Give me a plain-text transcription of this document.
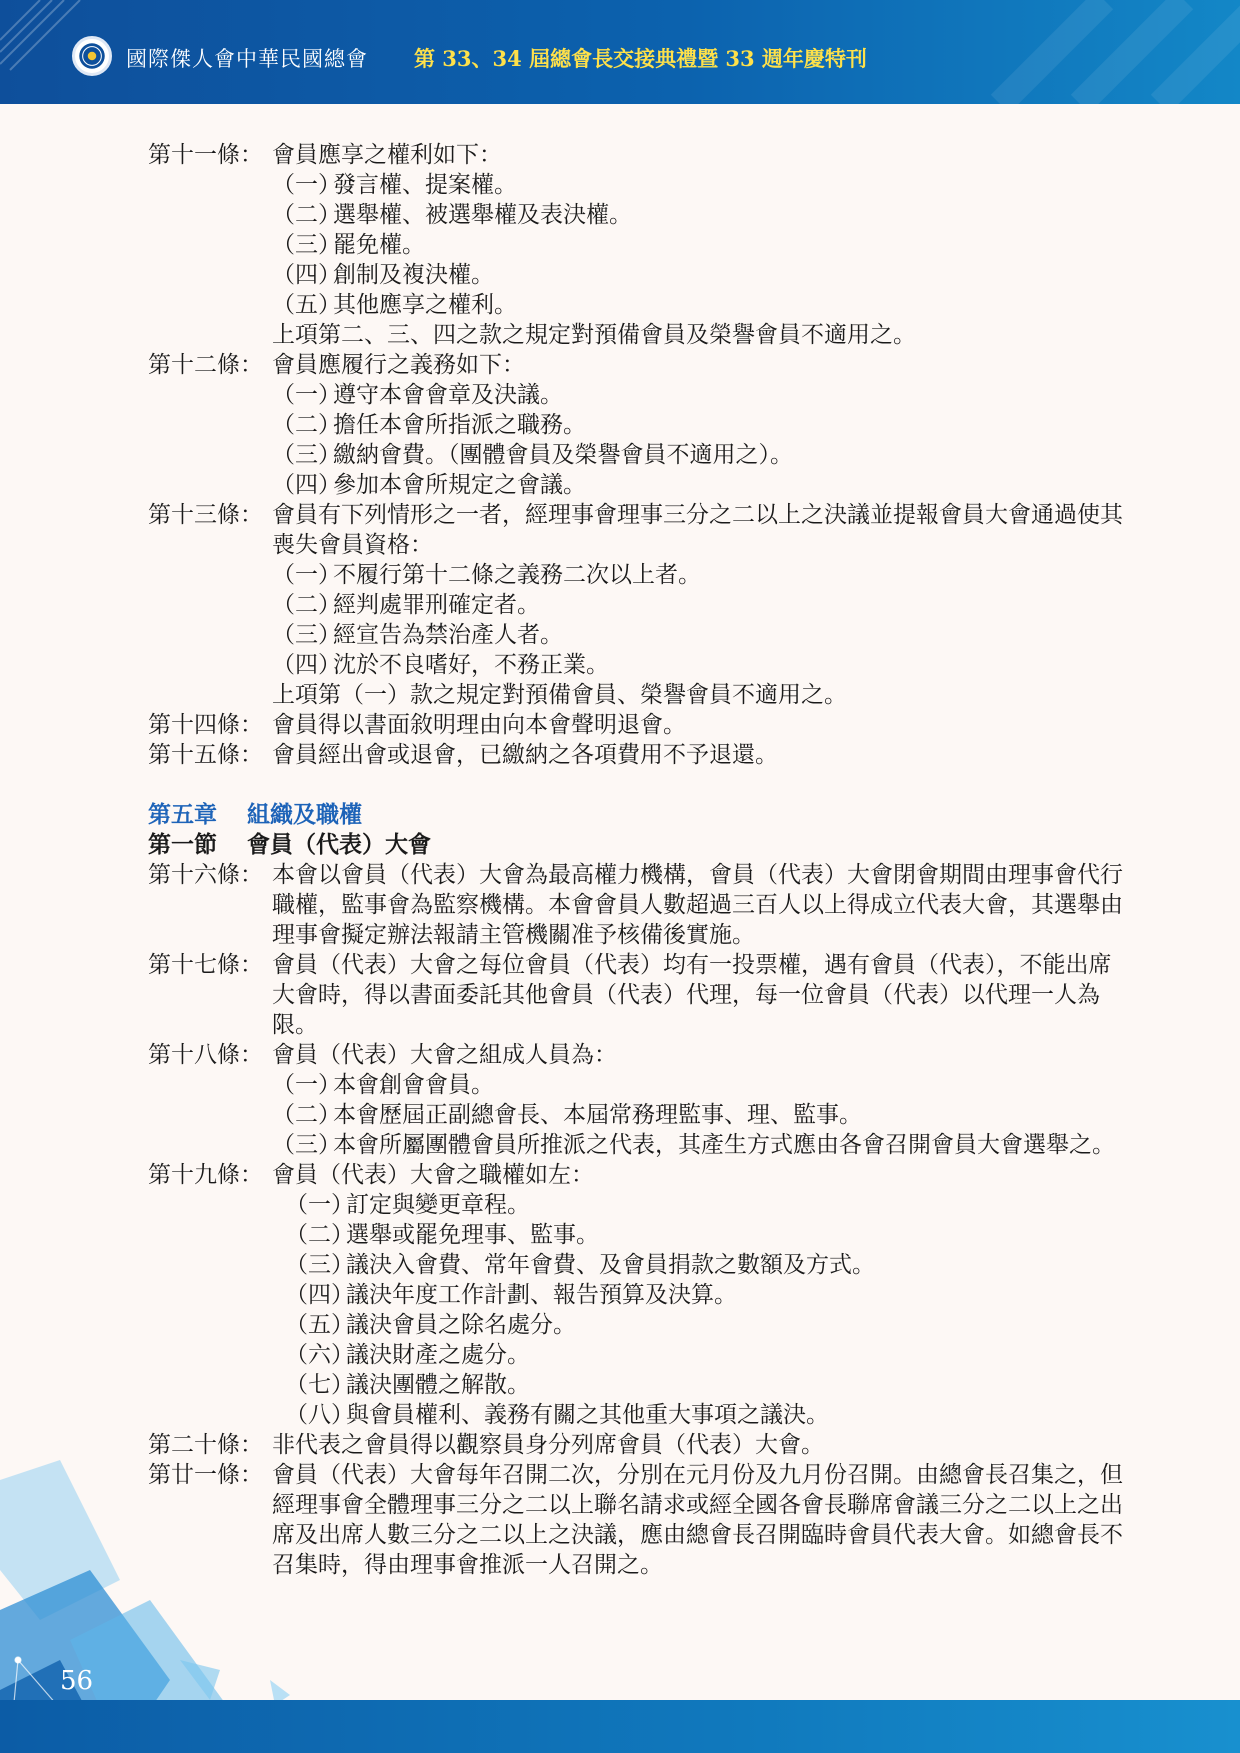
國際傑人會中華民國總會 第 33、34 屆總會長交接典禮暨 33 週年慶特刊
第十一條： 會員應享之權利如下：
（一）
發言權、提案權。
（二）
選舉權、被選舉權及表決權。
（三）
罷免權。
（四）
創制及複決權。
（五）
其他應享之權利。
上項第二、三、四之款之規定對預備會員及榮譽會員不適用之。
第十二條： 會員應履行之義務如下：
（一）
遵守本會會章及決議。
（二）
擔任本會所指派之職務。
（三）
繳納會費。（團體會員及榮譽會員不適用之）。
（四）
參加本會所規定之會議。
第十三條： 會員有下列情形之一者，經理事會理事三分之二以上之決議並提報會員大會通過使其喪失會員資格：
（一）
不履行第十二條之義務二次以上者。
（二）
經判處罪刑確定者。
（三）
經宣告為禁治產人者。
（四）
沈於不良嗜好，不務正業。
上項第（一）款之規定對預備會員、榮譽會員不適用之。
第十四條： 會員得以書面敘明理由向本會聲明退會。
第十五條： 會員經出會或退會，已繳納之各項費用不予退還。
第五章 組織及職權
第一節 會員（代表）大會
第十六條： 本會以會員（代表）大會為最高權力機構，會員（代表）大會閉會期間由理事會代行職權，監事會為監察機構。本會會員人數超過三百人以上得成立代表大會，其選舉由理事會擬定辦法報請主管機關准予核備後實施。
第十七條： 會員（代表）大會之每位會員（代表）均有一投票權，遇有會員（代表），不能出席大會時，得以書面委託其他會員（代表）代理，每一位會員（代表）以代理一人為限。
第十八條： 會員（代表）大會之組成人員為：
（一）
本會創會會員。
（二）
本會歷屆正副總會長、本屆常務理監事、理、監事。
（三）
本會所屬團體會員所推派之代表，其產生方式應由各會召開會員大會選舉之。
第十九條： 會員（代表）大會之職權如左：
（一）
訂定與變更章程。
（二）
選舉或罷免理事、監事。
（三）
議決入會費、常年會費、及會員捐款之數額及方式。
（四）
議決年度工作計劃、報告預算及決算。
（五）
議決會員之除名處分。
（六）
議決財產之處分。
（七）
議決團體之解散。
（八）
與會員權利、義務有關之其他重大事項之議決。
第二十條： 非代表之會員得以觀察員身分列席會員（代表）大會。
第廿一條： 會員（代表）大會每年召開二次，分別在元月份及九月份召開。由總會長召集之，但經理事會全體理事三分之二以上聯名請求或經全國各會長聯席會議三分之二以上之出席及出席人數三分之二以上之決議，應由總會長召開臨時會員代表大會。如總會長不召集時，得由理事會推派一人召開之。
56
